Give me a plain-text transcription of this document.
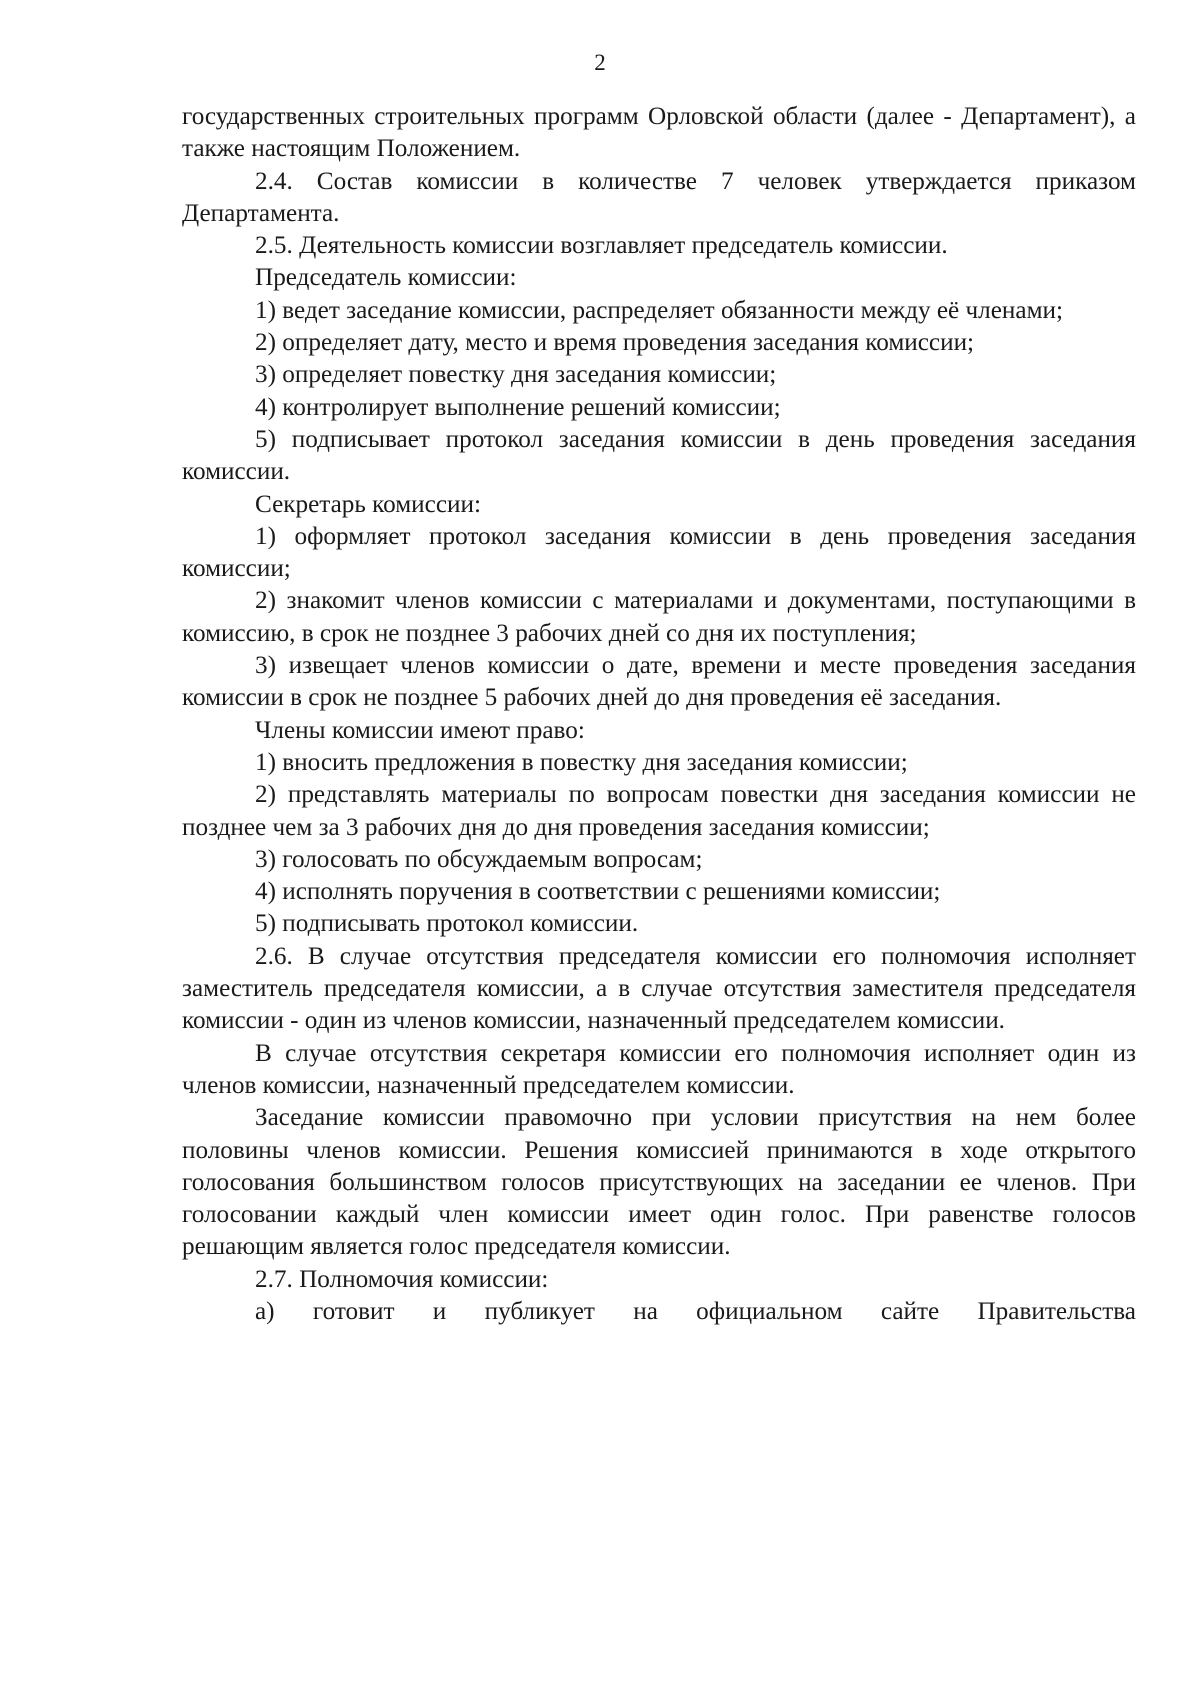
2

государственных строительных программ Орловской области (далее - Департамент), а также настоящим Положением.

2.4. Состав комиссии в количестве 7 человек утверждается приказом Департамента.

2.5. Деятельность комиссии возглавляет председатель комиссии.

Председатель комиссии:

1) ведет заседание комиссии, распределяет обязанности между её членами;

2) определяет дату, место и время проведения заседания комиссии;

3) определяет повестку дня заседания комиссии;

4) контролирует выполнение решений комиссии;

5) подписывает протокол заседания комиссии в день проведения заседания комиссии.

Секретарь комиссии:

1) оформляет протокол заседания комиссии в день проведения заседания комиссии;

2) знакомит членов комиссии с материалами и документами, поступающими в комиссию, в срок не позднее 3 рабочих дней со дня их поступления;

3) извещает членов комиссии о дате, времени и месте проведения заседания комиссии в срок не позднее 5 рабочих дней до дня проведения её заседания.

Члены комиссии имеют право:

1) вносить предложения в повестку дня заседания комиссии;

2) представлять материалы по вопросам повестки дня заседания комиссии не позднее чем за 3 рабочих дня до дня проведения заседания комиссии;

3) голосовать по обсуждаемым вопросам;

4) исполнять поручения в соответствии с решениями комиссии;

5) подписывать протокол комиссии.

2.6. В случае отсутствия председателя комиссии его полномочия исполняет заместитель председателя комиссии, а в случае отсутствия заместителя председателя комиссии - один из членов комиссии, назначенный председателем комиссии.

В случае отсутствия секретаря комиссии его полномочия исполняет один из членов комиссии, назначенный председателем комиссии.

Заседание комиссии правомочно при условии присутствия на нем более половины членов комиссии. Решения комиссией принимаются в ходе открытого голосования большинством голосов присутствующих на заседании ее членов. При голосовании каждый член комиссии имеет один голос. При равенстве голосов решающим является голос председателя комиссии.

2.7. Полномочия комиссии:

а) готовит и публикует на официальном сайте Правительства
